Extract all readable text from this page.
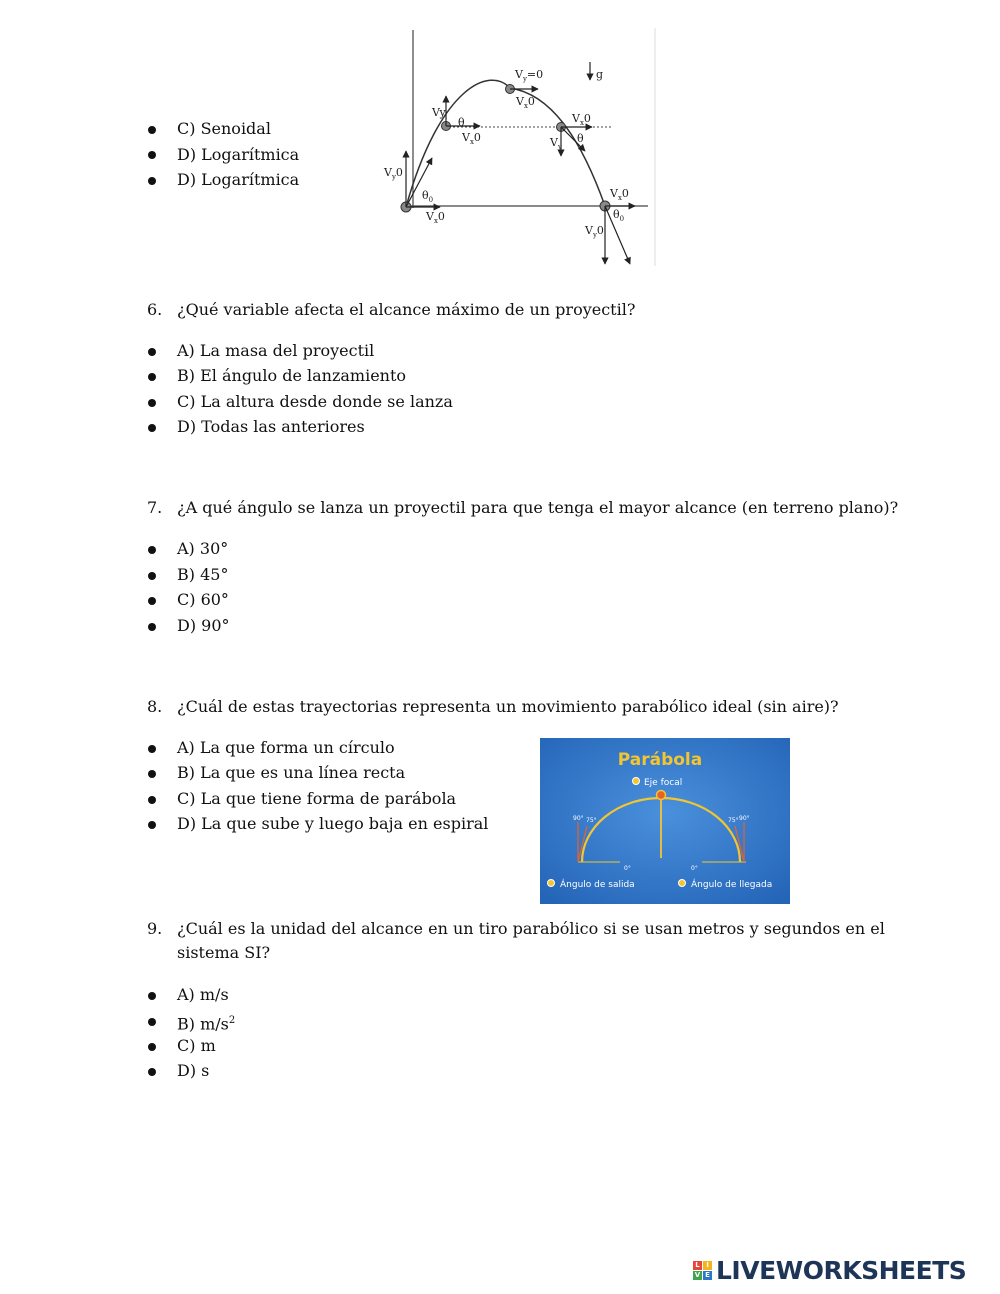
C) Senoidal
D) Logarítmica
D) Logarítmica
$V_y=0$
$V_x0$
Vy
θ
$V_x0$
$V_y0$
$\theta_0$
$V_x0$
$V_x0$
$V_y$
θ
$V_x0$
$\theta_0$
$V_y0$
g
6. ¿Qué variable afecta el alcance máximo de un proyectil?
A) La masa del proyectil
B) El ángulo de lanzamiento
C) La altura desde donde se lanza
D) Todas las anteriores
7. ¿A qué ángulo se lanza un proyectil para que tenga el mayor alcance (en terreno plano)?
A) 30°
B) 45°
C) 60°
D) 90°
8. ¿Cuál de estas trayectorias representa un movimiento parabólico ideal (sin aire)?
A) La que forma un círculo
B) La que es una línea recta
C) La que tiene forma de parábola
D) La que sube y luego baja en espiral
Parábola
Eje focal
90° 75°
0°	0°
75° 90°
Ángulo de salida	Ángulo de llegada
9. ¿Cuál es la unidad del alcance en un tiro parabólico si se usan metros y segundos en el
sistema SI?
A) m/s
B) $m/s^2$
C) m
D) s
L I
V E LIVEWORKSHEETS
